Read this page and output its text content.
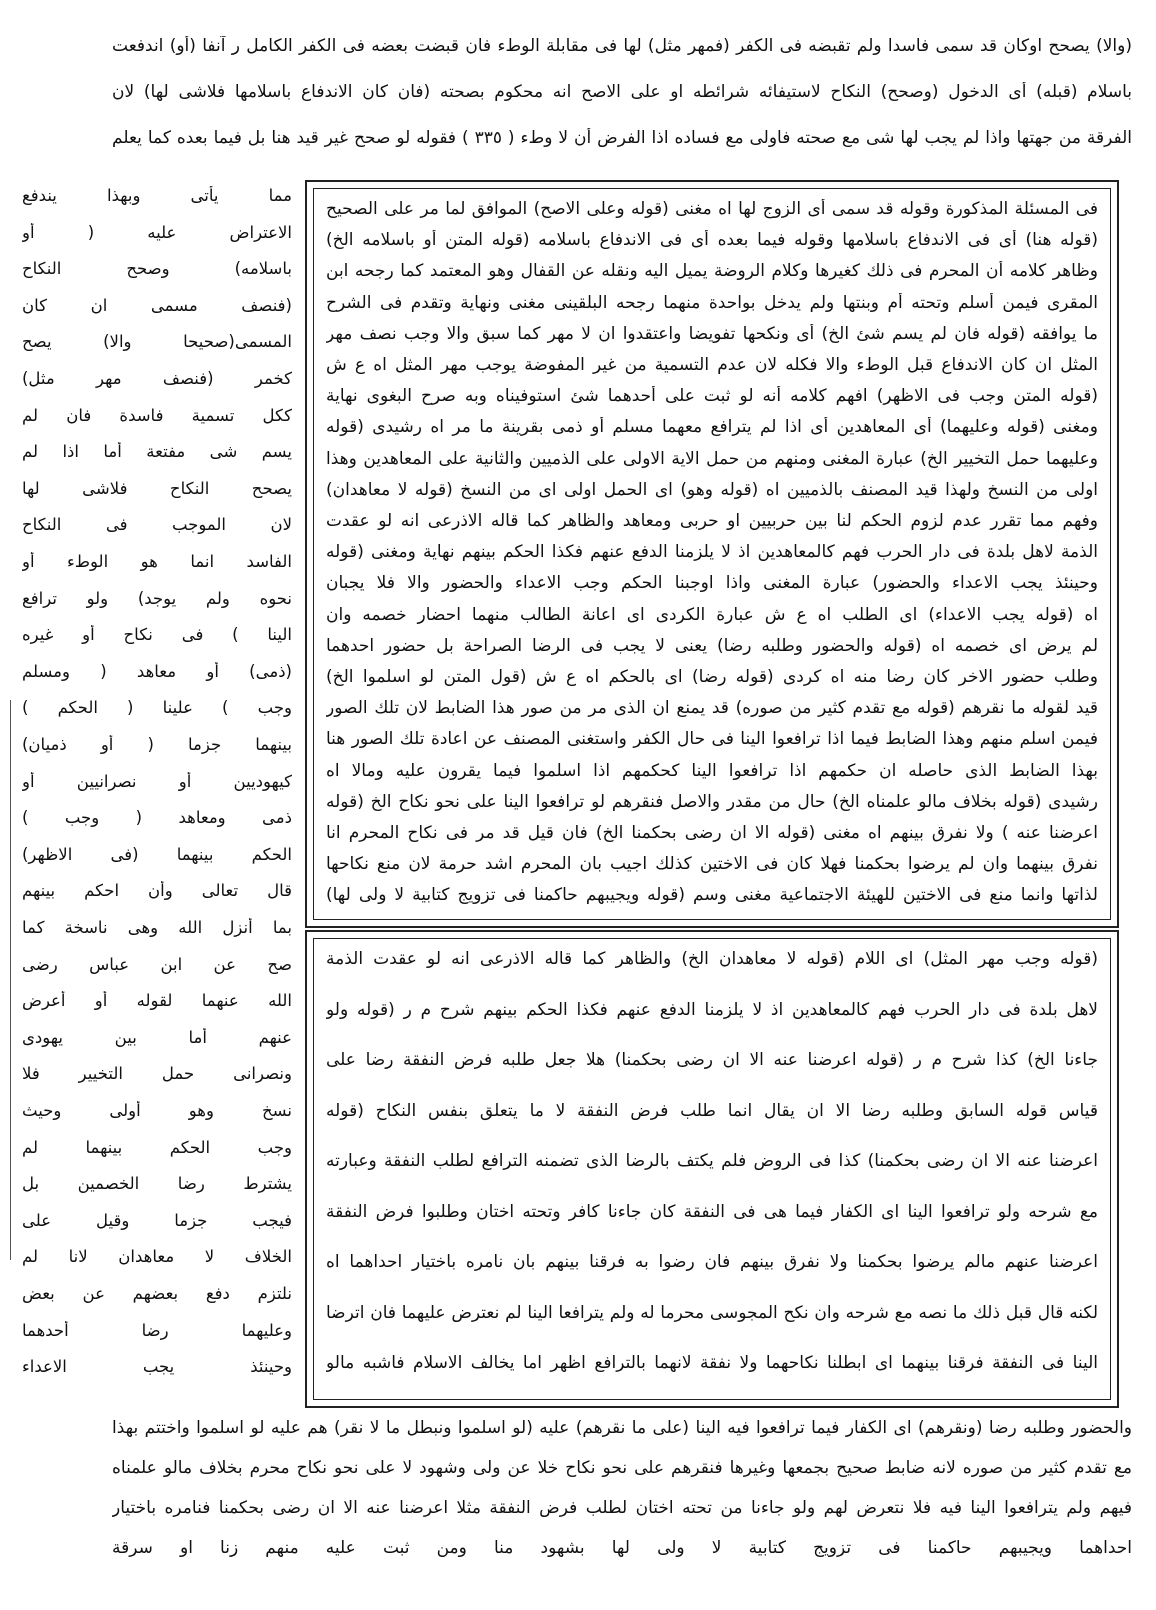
(والا) يصحح اوكان قد سمى فاسدا ولم تقبضه فى الكفر (فمهر مثل) لها فى مقابلة الوطء فان قبضت بعضه فى الكفر الكامل ر آنفا (أو) اندفعت
باسلام (قبله) أى الدخول (وصحح) النكاح لاستيفائه شرائطه او على الاصح انه محكوم بصحته (فان كان الاندفاع باسلامها فلاشى لها) لان
الفرقة من جهتها واذا لم يجب لها شى مع صحته فاولى مع فساده اذا الفرض أن لا وطء ( ٣٣٥ ) فقوله لو صحح غير قيد هنا بل فيما بعده كما يعلم
مما يأتى وبهذا يندفع
الاعتراض عليه ( أو
باسلامه) وصحح النكاح
(فنصف مسمى ان كان
المسمى(صحيحا والا) يصح
كخمر (فنصف مهر مثل)
ككل تسمية فاسدة فان لم
يسم شى مفتعة أما اذا لم
يصحح النكاح فلاشى لها
لان الموجب فى النكاح
الفاسد انما هو الوطء أو
نحوه ولم يوجد) ولو ترافع
الينا ) فى نكاح أو غيره
(ذمى) أو معاهد ( ومسلم
وجب ) علينا ( الحكم )
بينهما جزما ( أو ذميان)
كيهوديين أو نصرانيين أو
ذمى ومعاهد ( وجب )
الحكم بينهما (فى الاظهر)
قال تعالى وأن احكم بينهم
بما أنزل الله وهى ناسخة كما
صح عن ابن عباس رضى
الله عنهما لقوله أو أعرض
عنهم أما بين يهودى
ونصرانى حمل التخيير فلا
نسخ وهو أولى وحيث
وجب الحكم بينهما لم
يشترط رضا الخصمين بل
فيجب جزما وقيل على
الخلاف لا معاهدان لانا لم
نلتزم دفع بعضهم عن بعض
وعليهما رضا أحدهما
وحينئذ يجب الاعداء
فى المسئلة المذكورة وقوله قد سمى أى الزوج لها اه مغنى (قوله وعلى الاصح) الموافق لما مر على الصحيح
(قوله هنا) أى فى الاندفاع باسلامها وقوله فيما بعده أى فى الاندفاع باسلامه (قوله المتن أو باسلامه الخ)
وظاهر كلامه أن المحرم فى ذلك كغيرها وكلام الروضة يميل اليه ونقله عن القفال وهو المعتمد كما رجحه ابن
المقرى فيمن أسلم وتحته أم وبنتها ولم يدخل بواحدة منهما رجحه البلقينى مغنى ونهاية وتقدم فى الشرح
ما يوافقه (قوله فان لم يسم شئ الخ) أى ونكحها تفويضا واعتقدوا ان لا مهر كما سبق والا وجب نصف مهر
المثل ان كان الاندفاع قبل الوطء والا فكله لان عدم التسمية من غير المفوضة يوجب مهر المثل اه ع ش
(قوله المتن وجب فى الاظهر) افهم كلامه أنه لو ثبت على أحدهما شئ استوفيناه وبه صرح البغوى نهاية
ومغنى (قوله وعليهما) أى المعاهدين أى اذا لم يترافع معهما مسلم أو ذمى بقرينة ما مر اه رشيدى (قوله
وعليهما حمل التخيير الخ) عبارة المغنى ومنهم من حمل الاية الاولى على الذميين والثانية على المعاهدين وهذا
اولى من النسخ ولهذا قيد المصنف بالذميين اه (قوله وهو) اى الحمل اولى اى من النسخ (قوله لا معاهدان)
وفهم مما تقرر عدم لزوم الحكم لنا بين حربيين او حربى ومعاهد والظاهر كما قاله الاذرعى انه لو عقدت
الذمة لاهل بلدة فى دار الحرب فهم كالمعاهدين اذ لا يلزمنا الدفع عنهم فكذا الحكم بينهم نهاية ومغنى (قوله
وحينئذ يجب الاعداء والحضور) عبارة المغنى واذا اوجبنا الحكم وجب الاعداء والحضور والا فلا يجبان
اه (قوله يجب الاعداء) اى الطلب اه ع ش عبارة الكردى اى اعانة الطالب منهما احضار خصمه وان
لم يرض اى خصمه اه (قوله والحضور وطلبه رضا) يعنى لا يجب فى الرضا الصراحة بل حضور احدهما
وطلب حضور الاخر كان رضا منه اه كردى (قوله رضا) اى بالحكم اه ع ش (قول المتن لو اسلموا الخ)
قيد لقوله ما نقرهم (قوله مع تقدم كثير من صوره) قد يمنع ان الذى مر من صور هذا الضابط لان تلك الصور
فيمن اسلم منهم وهذا الضابط فيما اذا ترافعوا الينا فى حال الكفر واستغنى المصنف عن اعادة تلك الصور هنا
بهذا الضابط الذى حاصله ان حكمهم اذا ترافعوا الينا كحكمهم اذا اسلموا فيما يقرون عليه ومالا اه
رشيدى (قوله بخلاف مالو علمناه الخ) حال من مقدر والاصل فنقرهم لو ترافعوا الينا على نحو نكاح الخ (قوله
اعرضنا عنه ) ولا نفرق بينهم اه مغنى (قوله الا ان رضى بحكمنا الخ) فان قيل قد مر فى نكاح المحرم انا
نفرق بينهما وان لم يرضوا بحكمنا فهلا كان فى الاختين كذلك اجيب بان المحرم اشد حرمة لان منع نكاحها
لذاتها وانما منع فى الاختين للهيئة الاجتماعية مغنى وسم (قوله ويجيبهم حاكمنا فى تزويج كتابية لا ولى لها)
(قوله وجب مهر المثل) اى اللام (قوله لا معاهدان الخ) والظاهر كما قاله الاذرعى انه لو عقدت الذمة
لاهل بلدة فى دار الحرب فهم كالمعاهدين اذ لا يلزمنا الدفع عنهم فكذا الحكم بينهم شرح م ر (قوله ولو
جاءنا الخ) كذا شرح م ر (قوله اعرضنا عنه الا ان رضى بحكمنا) هلا جعل طلبه فرض النفقة رضا على
قياس قوله السابق وطلبه رضا الا ان يقال انما طلب فرض النفقة لا ما يتعلق بنفس النكاح (قوله
اعرضنا عنه الا ان رضى بحكمنا) كذا فى الروض فلم يكتف بالرضا الذى تضمنه الترافع لطلب النفقة وعبارته
مع شرحه ولو ترافعوا الينا اى الكفار فيما هى فى النفقة كان جاءنا كافر وتحته اختان وطلبوا فرض النفقة
اعرضنا عنهم مالم يرضوا بحكمنا ولا نفرق بينهم فان رضوا به فرقنا بينهم بان نامره باختيار احداهما اه
لكنه قال قبل ذلك ما نصه مع شرحه وان نكح المجوسى محرما له ولم يترافعا الينا لم نعترض عليهما فان اترضا
الينا فى النفقة فرقنا بينهما اى ابطلنا نكاحهما ولا نفقة لانهما بالترافع اظهر اما يخالف الاسلام فاشبه مالو
والحضور وطلبه رضا (ونقرهم) اى الكفار فيما ترافعوا فيه الينا (على ما نقرهم) عليه (لو اسلموا ونبطل ما لا نقر) هم عليه لو اسلموا واختتم بهذا
مع تقدم كثير من صوره لانه ضابط صحيح بجمعها وغيرها فنقرهم على نحو نكاح خلا عن ولى وشهود لا على نحو نكاح محرم بخلاف مالو علمناه
فيهم ولم يترافعوا الينا فيه فلا نتعرض لهم ولو جاءنا من تحته اختان لطلب فرض النفقة مثلا اعرضنا عنه الا ان رضى بحكمنا فنامره باختيار
احداهما ويجيبهم حاكمنا فى تزويج كتابية لا ولى لها بشهود منا ومن ثبت عليه منهم زنا او سرقة
